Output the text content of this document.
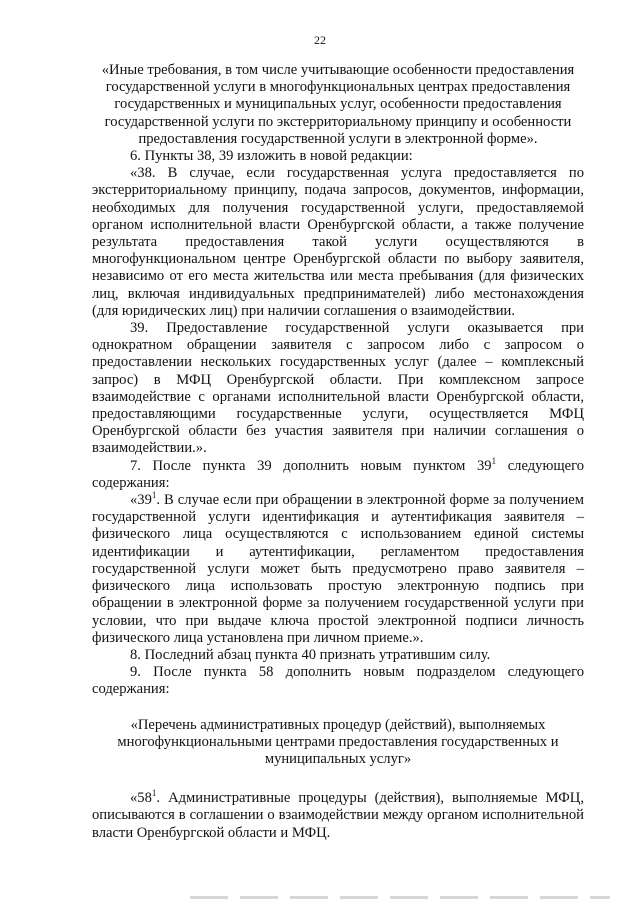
22

«Иные требования, в том числе учитывающие особенности предоставления государственной услуги в многофункциональных центрах предоставления государственных и муниципальных услуг, особенности предоставления государственной услуги по экстерриториальному принципу и особенности предоставления государственной услуги в электронной форме».

6. Пункты 38, 39 изложить в новой редакции:

«38. В случае, если государственная услуга предоставляется по экстерриториальному принципу, подача запросов, документов, информации, необходимых для получения государственной услуги, предоставляемой органом исполнительной власти Оренбургской области, а также получение результата предоставления такой услуги осуществляются в многофункциональном центре Оренбургской области по выбору заявителя, независимо от его места жительства или места пребывания (для физических лиц, включая индивидуальных предпринимателей) либо местонахождения (для юридических лиц) при наличии соглашения о взаимодействии.

39. Предоставление государственной услуги оказывается при однократном обращении заявителя с запросом либо с запросом о предоставлении нескольких государственных услуг (далее – комплексный запрос) в МФЦ Оренбургской области. При комплексном запросе взаимодействие с органами исполнительной власти Оренбургской области, предоставляющими государственные услуги, осуществляется МФЦ Оренбургской области без участия заявителя при наличии соглашения о взаимодействии.».

7. После пункта 39 дополнить новым пунктом $39^1$ следующего содержания:

«$39^1$. В случае если при обращении в электронной форме за получением государственной услуги идентификация и аутентификация заявителя – физического лица осуществляются с использованием единой системы идентификации и аутентификации, регламентом предоставления государственной услуги может быть предусмотрено право заявителя – физического лица использовать простую электронную подпись при обращении в электронной форме за получением государственной услуги при условии, что при выдаче ключа простой электронной подписи личность физического лица установлена при личном приеме.».

8. Последний абзац пункта 40 признать утратившим силу.

9. После пункта 58 дополнить новым подразделом следующего содержания:

«Перечень административных процедур (действий), выполняемых многофункциональными центрами предоставления государственных и муниципальных услуг»

«$58^1$. Административные процедуры (действия), выполняемые МФЦ, описываются в соглашении о взаимодействии между органом исполнительной власти Оренбургской области и МФЦ.
